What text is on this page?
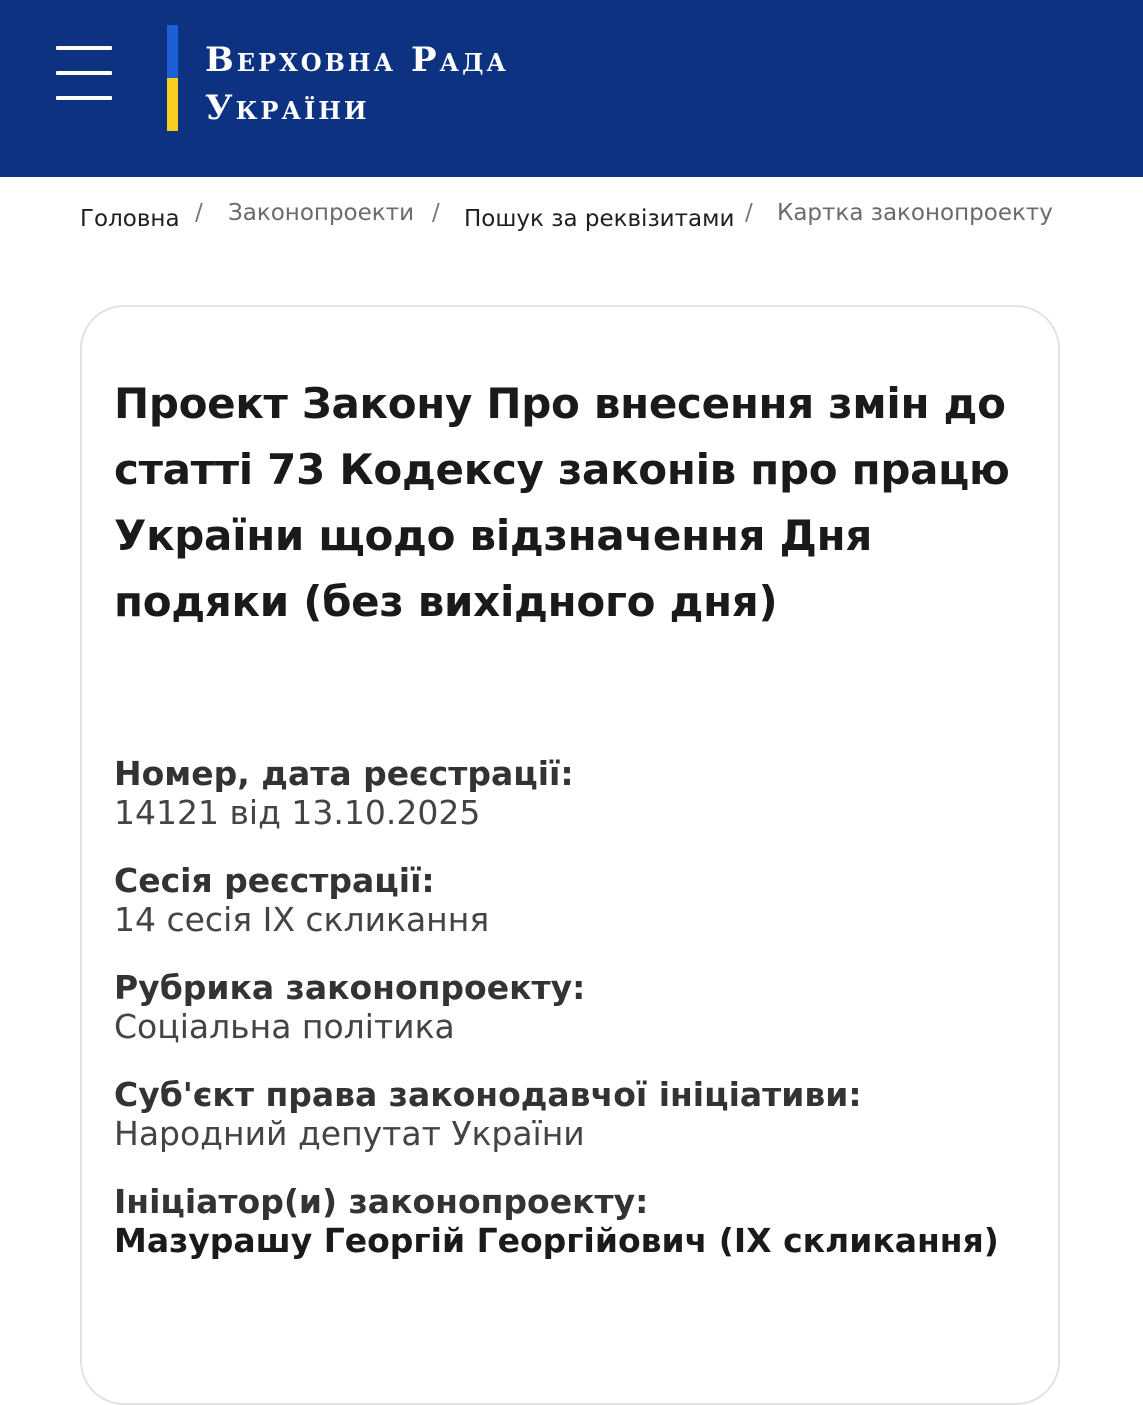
Верховна Рада
України
Головна / Законопроекти / Пошук за реквізитами / Картка законопроекту
Проект Закону Про внесення змін до статті 73 Кодексу законів про працю України щодо відзначення Дня подяки (без вихідного дня)
Номер, дата реєстрації:
14121 від 13.10.2025
Сесія реєстрації:
14 сесія IX скликання
Рубрика законопроекту:
Соціальна політика
Суб'єкт права законодавчої ініціативи:
Народний депутат України
Ініціатор(и) законопроекту:
Мазурашу Георгій Георгійович (IX скликання)
